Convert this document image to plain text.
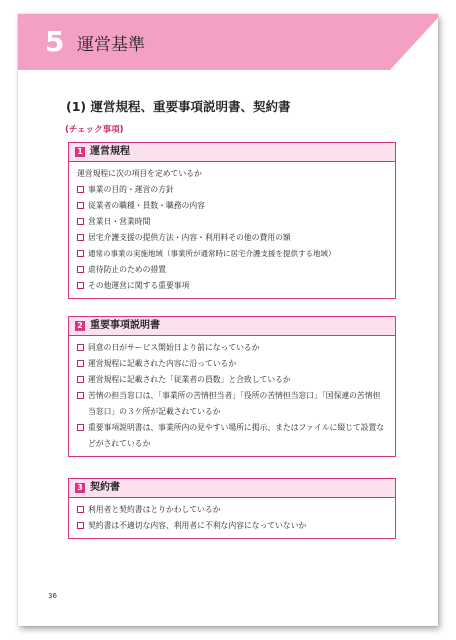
5 運営基準
(1) 運営規程、重要事項説明書、契約書
(チェック事項)
1 運営規程
運営規程に次の項目を定めているか
事業の目的・運営の方針
従業者の職種・員数・職務の内容
営業日・営業時間
居宅介護支援の提供方法・内容・利用料その他の費用の額
通常の事業の実施地域（事業所が通常時に居宅介護支援を提供する地域）
虐待防止のための措置
その他運営に関する重要事項
2 重要事項説明書
同意の日がサービス開始日より前になっているか
運営規程に記載された内容に沿っているか
運営規程に記載された「従業者の員数」と合致しているか
苦情の担当窓口は、「事業所の苦情担当者」「役所の苦情担当窓口」「国保連の苦情担当窓口」の３ケ所が記載されているか
重要事項説明書は、事業所内の見やすい場所に掲示、またはファイルに綴じて設置などがされているか
3 契約書
利用者と契約書はとりかわしているか
契約書は不適切な内容、利用者に不利な内容になっていないか
36
